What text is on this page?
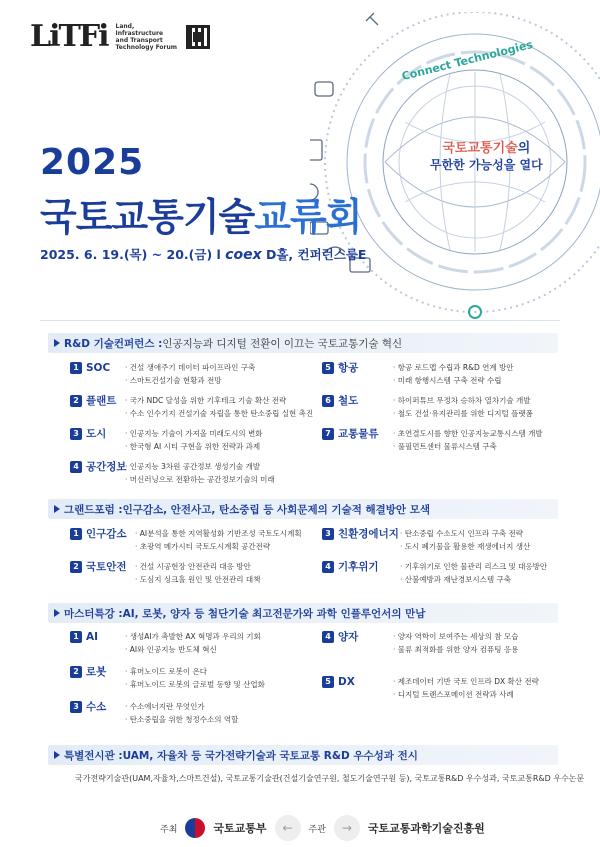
LiTFi Land, Infrastructure and Transport Technology Forum	Connect Technologies
국토교통기술의
무한한 가능성을 열다
2025
국토교통기술교류회
2025. 6. 19.(목) ~ 20.(금) l coex D홀, 컨퍼런스룸E
R&D 기술컨퍼런스 : 인공지능과 디지털 전환이 이끄는 국토교통기술 혁신
1 SOC	· 건설 생애주기 데이터 파이프라인 구축
· 스마트건설기술 현황과 전망
2 플랜트	· 국가 NDC 달성을 위한 기후테크 기술 확산 전략
· 수소 인수기지 건설기술 자립을 통한 탄소중립 실현 촉진
3 도시	· 인공지능 기술이 가져올 미래도시의 변화
· 한국형 AI 시티 구현을 위한 전략과 과제
4 공간정보 · 인공지능 3차원 공간정보 생성기술 개발
· 머신러닝으로 전환하는 공간정보기술의 미래
5 항공	· 항공 로드맵 수립과 R&D 연계 방안
· 미래 항행시스템 구축 전략 수립
6 철도	· 하이퍼튜브 무정차 승하차 열차기술 개발
· 철도 건설·유지관리를 위한 디지털 플랫폼
7 교통물류	· 초연결도시를 향한 인공지능교통시스템 개발
· 풀필먼트센터 물류시스템 구축
그랜드포럼 : 인구감소, 안전사고, 탄소중립 등 사회문제의 기술적 해결방안 모색
1 인구감소	· AI분석을 통한 지역활성화 기반조성 국토도시계획
· 초광역 메가시티 국토도시계획 공간전략
2 국토안전	· 건설 시공현장 안전관리 대응 방안
· 도심지 싱크홀 원인 및 안전관리 대책
3 친환경에너지 · 탄소중립 수소도시 인프라 구축 전략
· 도시 폐기물을 활용한 재생에너지 생산
4 기후위기	· 기후위기로 인한 물관리 리스크 및 대응방안
· 산불예방과 재난경보시스템 구축
마스터특강 : AI, 로봇, 양자 등 첨단기술 최고전문가와 과학 인플루언서의 만남
1 AI	· 생성AI가 촉발한 AX 혁명과 우리의 기회
· AI와 인공지능 반도체 혁신
2 로봇	· 휴머노이드 로봇이 온다
· 휴머노이드 로봇의 글로벌 동향 및 산업화
3 수소	· 수소에너지란 무엇인가
· 탄소중립을 위한 청정수소의 역할
4 양자	· 양자 역학이 보여주는 세상의 참 모습
· 물류 최적화를 위한 양자 컴퓨팅 응용
5 DX	· 제조데이터 기반 국토 인프라 DX 확산 전략
· 디지털 트랜스포메이션 전략과 사례
특별전시관 : UAM, 자율차 등 국가전략기술과 국토교통 R&D 우수성과 전시
국가전략기술관(UAM,자율차,스마트건설), 국토교통기술관(건설기술연구원, 철도기술연구원 등), 국토교통R&D 우수성과, 국토교통R&D 우수논문
주최	국토교통부	←	주관	→	국토교통과학기술진흥원
